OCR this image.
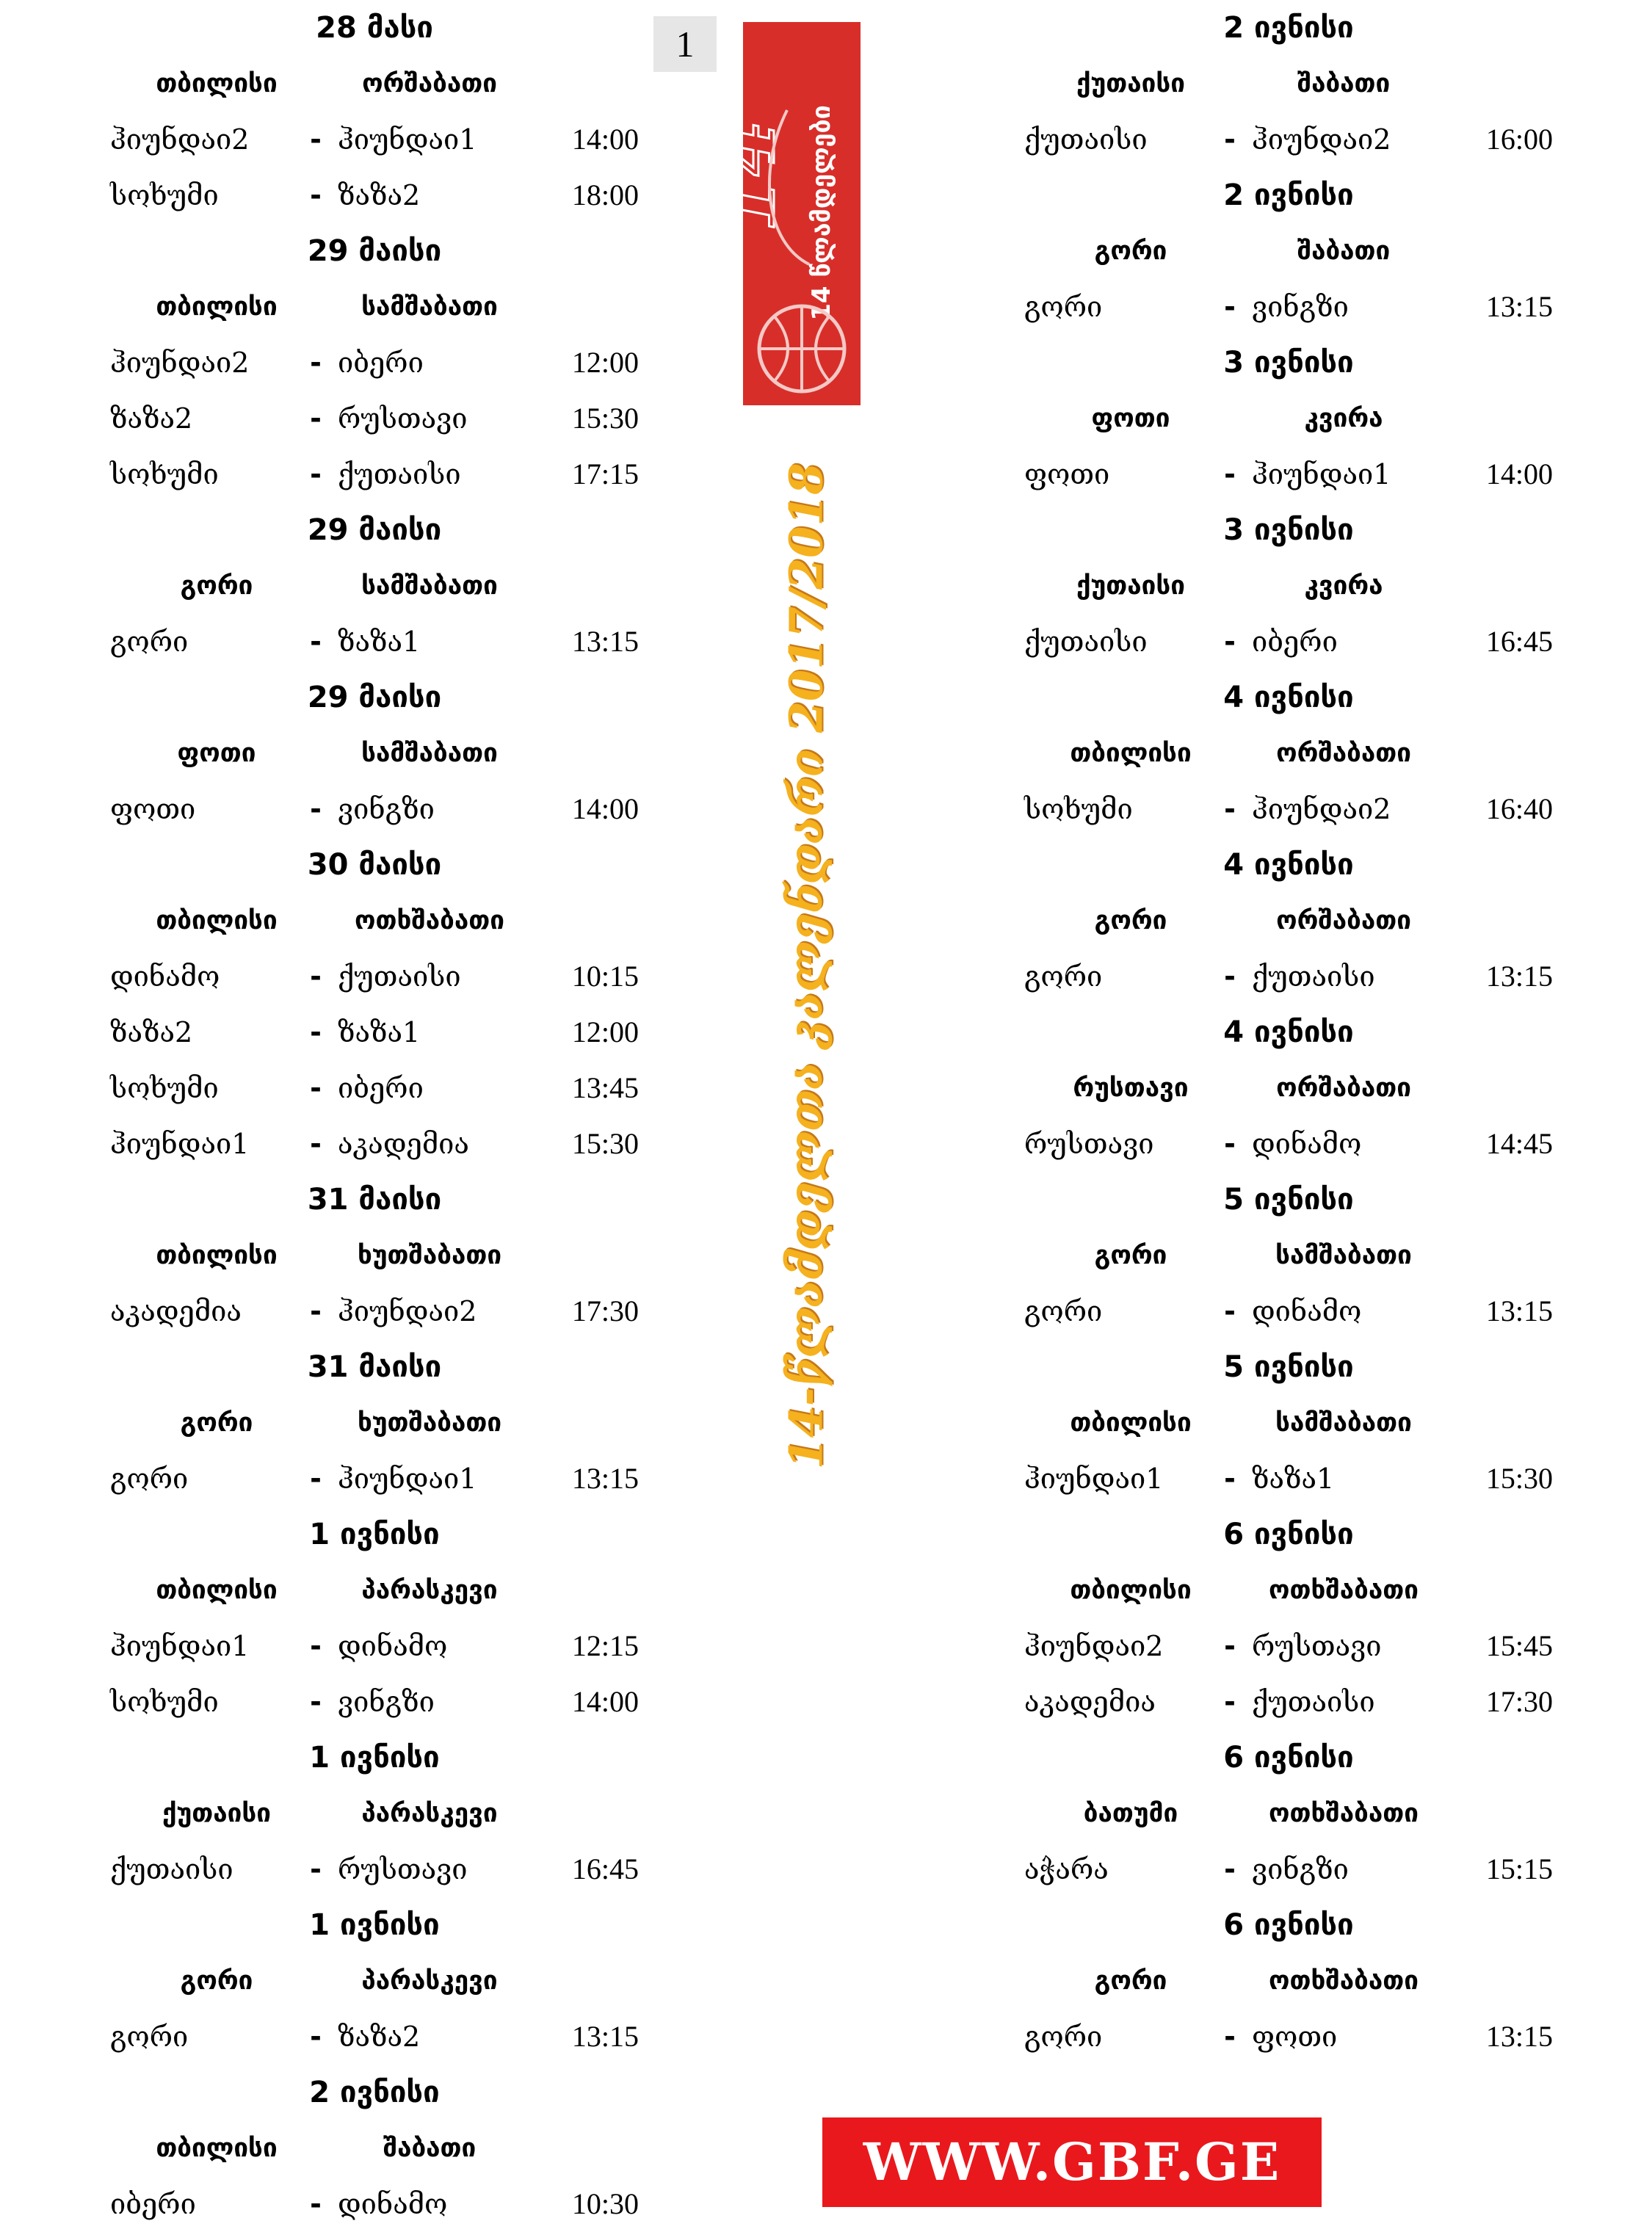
28 მასი
თბილისი	ორშაბათი
ჰიუნდაი2	- ჰიუნდაი1	14:00
სოხუმი	- ზაზა2	18:00
29 მაისი
თბილისი	სამშაბათი
ჰიუნდაი2	- იბერი	12:00
ზაზა2	- რუსთავი	15:30
სოხუმი	- ქუთაისი	17:15
29 მაისი
გორი	სამშაბათი
გორი	- ზაზა1	13:15
29 მაისი
ფოთი	სამშაბათი
ფოთი	- ვინგზი	14:00
30 მაისი
თბილისი	ოთხშაბათი
დინამო	- ქუთაისი	10:15
ზაზა2	- ზაზა1	12:00
სოხუმი	- იბერი	13:45
ჰიუნდაი1	- აკადემია	15:30
31 მაისი
თბილისი	ხუთშაბათი
აკადემია	- ჰიუნდაი2	17:30
31 მაისი
გორი	ხუთშაბათი
გორი	- ჰიუნდაი1	13:15
1 ივნისი
თბილისი	პარასკევი
ჰიუნდაი1	- დინამო	12:15
სოხუმი	- ვინგზი	14:00
1 ივნისი
ქუთაისი	პარასკევი
ქუთაისი	- რუსთავი	16:45
1 ივნისი
გორი	პარასკევი
გორი	- ზაზა2	13:15
2 ივნისი
თბილისი	შაბათი
იბერი	- დინამო	10:30
1
14 წლამდელები
14
14-წლამდელთა კალენდარი 2017/2018
2 ივნისი
ქუთაისი	შაბათი
ქუთაისი	- ჰიუნდაი2	16:00
2 ივნისი
გორი	შაბათი
გორი	- ვინგზი	13:15
3 ივნისი
ფოთი	კვირა
ფოთი	- ჰიუნდაი1	14:00
3 ივნისი
ქუთაისი	კვირა
ქუთაისი	- იბერი	16:45
4 ივნისი
თბილისი	ორშაბათი
სოხუმი	- ჰიუნდაი2	16:40
4 ივნისი
გორი	ორშაბათი
გორი	- ქუთაისი	13:15
4 ივნისი
რუსთავი	ორშაბათი
რუსთავი	- დინამო	14:45
5 ივნისი
გორი	სამშაბათი
გორი	- დინამო	13:15
5 ივნისი
თბილისი	სამშაბათი
ჰიუნდაი1	- ზაზა1	15:30
6 ივნისი
თბილისი	ოთხშაბათი
ჰიუნდაი2	- რუსთავი	15:45
აკადემია	- ქუთაისი	17:30
6 ივნისი
ბათუმი	ოთხშაბათი
აჭარა	- ვინგზი	15:15
6 ივნისი
გორი	ოთხშაბათი
გორი	- ფოთი	13:15
WWW.GBF.GE
